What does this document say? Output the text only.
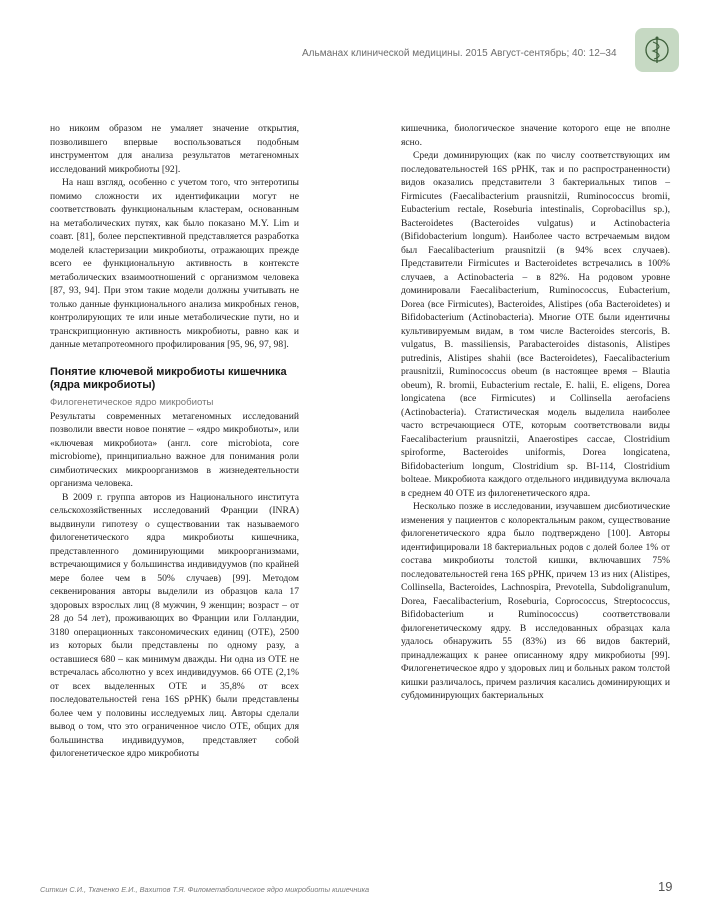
Альманах клинической медицины. 2015 Август-сентябрь; 40: 12–34

но никоим образом не умаляет значение открытия, позволившего впервые воспользоваться подобным инструментом для анализа результатов метагеномных исследований микробиоты [92].

На наш взгляд, особенно с учетом того, что энтеротипы помимо сложности их идентификации могут не соответствовать функциональным кластерам, основанным на метаболических путях, как было показано M.Y. Lim и соавт. [81], более перспективной представляется разработка моделей кластеризации микробиоты, отражающих прежде всего ее функциональную активность в контексте метаболических взаимоотношений с организмом человека [87, 93, 94]. При этом такие модели должны учитывать не только данные функционального анализа микробных генов, контролирующих те или иные метаболические пути, но и транскрипционную активность микробиоты, равно как и данные метапротеомного профилирования [95, 96, 97, 98].

Понятие ключевой микробиоты кишечника (ядра микробиоты)
Филогенетическое ядро микробиоты

Результаты современных метагеномных исследований позволили ввести новое понятие – «ядро микробиоты», или «ключевая микробиота» (англ. core microbiota, core microbiome), принципиально важное для понимания роли симбиотических микроорганизмов в жизнедеятельности организма человека.

В 2009 г. группа авторов из Национального института сельскохозяйственных исследований Франции (INRA) выдвинули гипотезу о существовании так называемого филогенетического ядра микробиоты кишечника, представленного доминирующими микроорганизмами, встречающимися у большинства индивидуумов (по крайней мере более чем в 50% случаев) [99]. Методом секвенирования авторы выделили из образцов кала 17 здоровых взрослых лиц (8 мужчин, 9 женщин; возраст – от 28 до 54 лет), проживающих во Франции или Голландии, 3180 операционных таксономических единиц (ОТЕ), 2500 из которых были представлены по одному разу, а оставшиеся 680 – как минимум дважды. Ни одна из ОТЕ не встречалась абсолютно у всех индивидуумов. 66 ОТЕ (2,1% от всех выделенных ОТЕ и 35,8% от всех последовательностей гена 16S рРНК) были представлены более чем у половины исследуемых лиц. Авторы сделали вывод о том, что это ограниченное число ОТЕ, общих для большинства индивидуумов, представляет собой филогенетическое ядро микробиоты

кишечника, биологическое значение которого еще не вполне ясно.

Среди доминирующих (как по числу соответствующих им последовательностей 16S рРНК, так и по распространенности) видов оказались представители 3 бактериальных типов – Firmicutes (Faecalibacterium prausnitzii, Ruminococcus bromii, Eubacterium rectale, Roseburia intestinalis, Coprobacillus sp.), Bacteroidetes (Bacteroides vulgatus) и Actinobacteria (Bifidobacterium longum). Наиболее часто встречаемым видом был Faecalibacterium prausnitzii (в 94% всех случаев). Представители Firmicutes и Bacteroidetes встречались в 100% случаев, а Actinobacteria – в 82%. На родовом уровне доминировали Faecalibacterium, Ruminococcus, Eubacterium, Dorea (все Firmicutes), Bacteroides, Alistipes (оба Bacteroidetes) и Bifidobacterium (Actinobacteria). Многие ОТЕ были идентичны культивируемым видам, в том числе Bacteroides stercoris, B. vulgatus, B. massiliensis, Parabacteroides distasonis, Alistipes putredinis, Alistipes shahii (все Bacteroidetes), Faecalibacterium prausnitzii, Ruminococcus obeum (в настоящее время – Blautia obeum), R. bromii, Eubacterium rectale, E. halii, E. eligens, Dorea longicatena (все Firmicutes) и Collinsella aerofaciens (Actinobacteria). Статистическая модель выделила наиболее часто встречающиеся ОТЕ, которым соответствовали виды Faecalibacterium prausnitzii, Anaerostipes caccae, Clostridium spiroforme, Bacteroides uniformis, Dorea longicatena, Bifidobacterium longum, Clostridium sp. BI-114, Clostridium bolteae. Микробиота каждого отдельного индивидуума включала в среднем 40 ОТЕ из филогенетического ядра.

Несколько позже в исследовании, изучавшем дисбиотические изменения у пациентов с колоректальным раком, существование филогенетического ядра было подтверждено [100]. Авторы идентифицировали 18 бактериальных родов с долей более 1% от состава микробиоты толстой кишки, включавших 75% последовательностей гена 16S рРНК, причем 13 из них (Alistipes, Collinsella, Bacteroides, Lachnospira, Prevotella, Subdoligranulum, Dorea, Faecalibacterium, Roseburia, Coprococcus, Streptococcus, Bifidobacterium и Ruminococcus) соответствовали филогенетическому ядру. В исследованных образцах кала удалось обнаружить 55 (83%) из 66 видов бактерий, принадлежащих к ранее описанному ядру микробиоты [99]. Филогенетическое ядро у здоровых лиц и больных раком толстой кишки различалось, причем различия касались доминирующих и субдоминирующих бактериальных

Ситкин С.И., Ткаченко Е.И., Вахитов Т.Я. Филометаболическое ядро микробиоты кишечника	19
